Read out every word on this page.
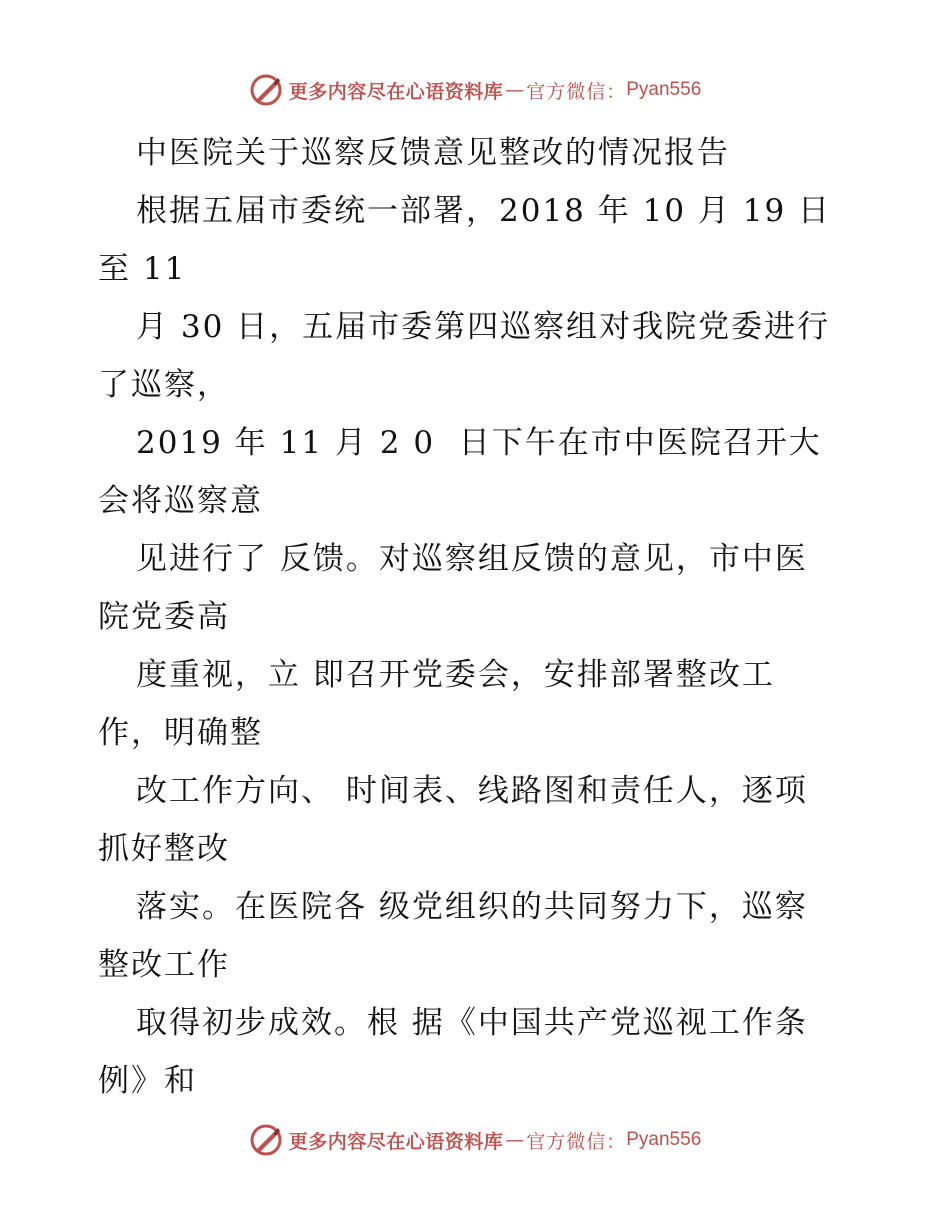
更多内容尽在心语资料库 — 官方微信： Pyan556
中医院关于巡察反馈意见整改的情况报告
根据五届市委统一部署，2018 年 10 月 19 日
至 11
月 30 日，五届市委第四巡察组对我院党委进行
了巡察，
2019 年 11 月 2 0  日下午在市中医院召开大
会将巡察意
见进行了 反馈。对巡察组反馈的意见，市中医
院党委高
度重视，立 即召开党委会，安排部署整改工
作，明确整
改工作方向、 时间表、线路图和责任人，逐项
抓好整改
落实。在医院各 级党组织的共同努力下，巡察
整改工作
取得初步成效。根 据《中国共产党巡视工作条
例》和
更多内容尽在心语资料库 — 官方微信： Pyan556
